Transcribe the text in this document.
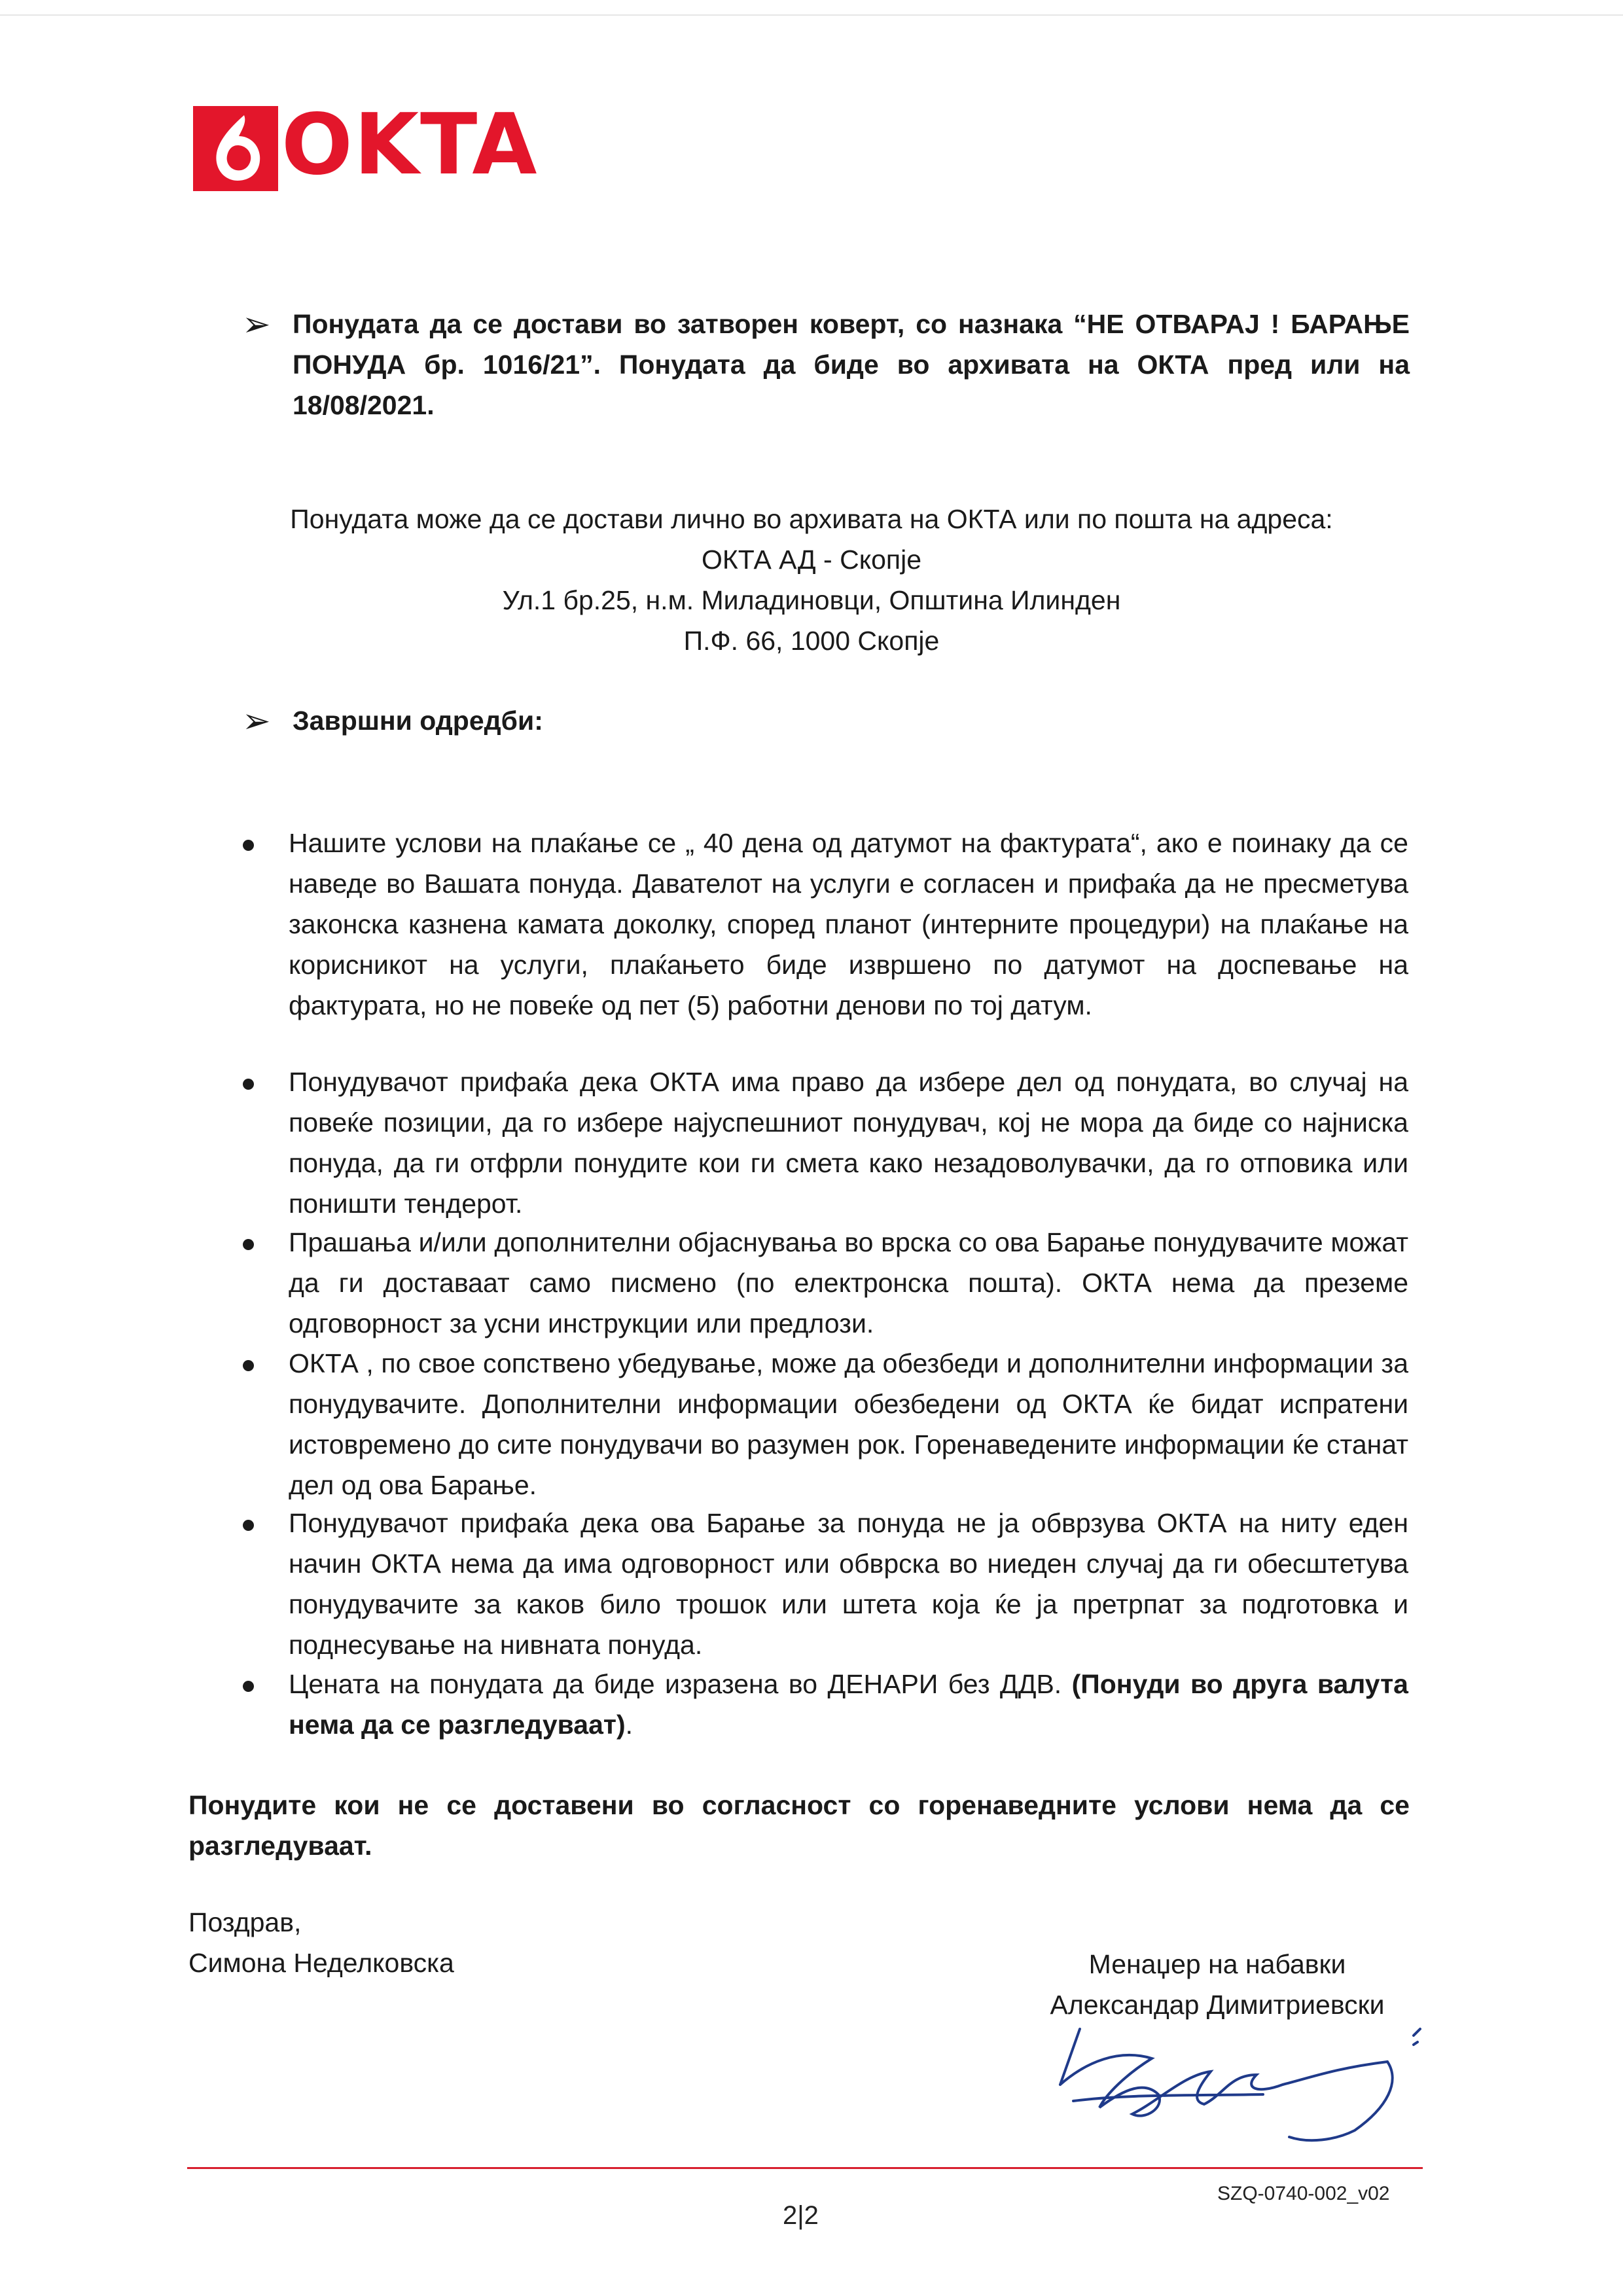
OKTA
➢ Понудата да се достави во затворен коверт, со назнака “НЕ ОТВАРАЈ ! БАРАЊЕ
ПОНУДА бр. 1016/21”. Понудата да биде во архивата на ОКТА пред или на
18/08/2021.
Понудата може да се достави лично во архивата на ОКТА или по пошта на адреса:
ОКТА АД - Скопје
Ул.1 бр.25, н.м. Миладиновци, Општина Илинден
П.Ф. 66, 1000 Скопје
➢ Завршни одредби:
Нашите услови на плаќање се „ 40 дена од датумот на фактурата“, ако е поинаку да се наведе во Вашата понуда. Давателот на услуги е согласен и прифаќа да не пресметува законска казнена камата доколку, според планот (интерните процедури) на плаќање на корисникот на услуги, плаќањето биде извршено по датумот на доспевање на фактурата, но не повеќе од пет (5) работни денови по тој датум.
Понудувачот прифаќа дека ОКТА има право да избере дел од понудата, во случај на повеќе позиции, да го избере најуспешниот понудувач, кој не мора да биде со најниска понуда, да ги отфрли понудите кои ги смета како незадоволувачки, да го отповика или поништи тендерот.
Прашања и/или дополнителни објаснувања во врска со ова Барање понудувачите можат да ги доставаат само писмено (по електронска пошта). ОКТА нема да преземе одговорност за усни инструкции или предлози.
ОКТА , по свое сопствено убедување, може да обезбеди и дополнителни информации за понудувачите. Дополнителни информации обезбедени од ОКТА ќе бидат испратени истовремено до сите понудувачи во разумен рок. Горенаведените информации ќе станат дел од ова Барање.
Понудувачот прифаќа дека ова Барање за понуда не ја обврзува ОКТА на ниту еден начин ОКТА нема да има одговорност или обврска во ниеден случај да ги обесштетува понудувачите за каков било трошок или штета која ќе ја претрпат за подготовка и поднесување на нивната понуда.
Цената на понудата да биде изразена во ДЕНАРИ без ДДВ. (Понуди во друга валута нема да се разгледуваат).
Понудите кои не се доставени во согласност со горенаведните услови нема да се разгледуваат.
Поздрав,
Симона Неделковска	Менаџер на набавки
Александар Димитриевски
SZQ-0740-002_v02
2|2
